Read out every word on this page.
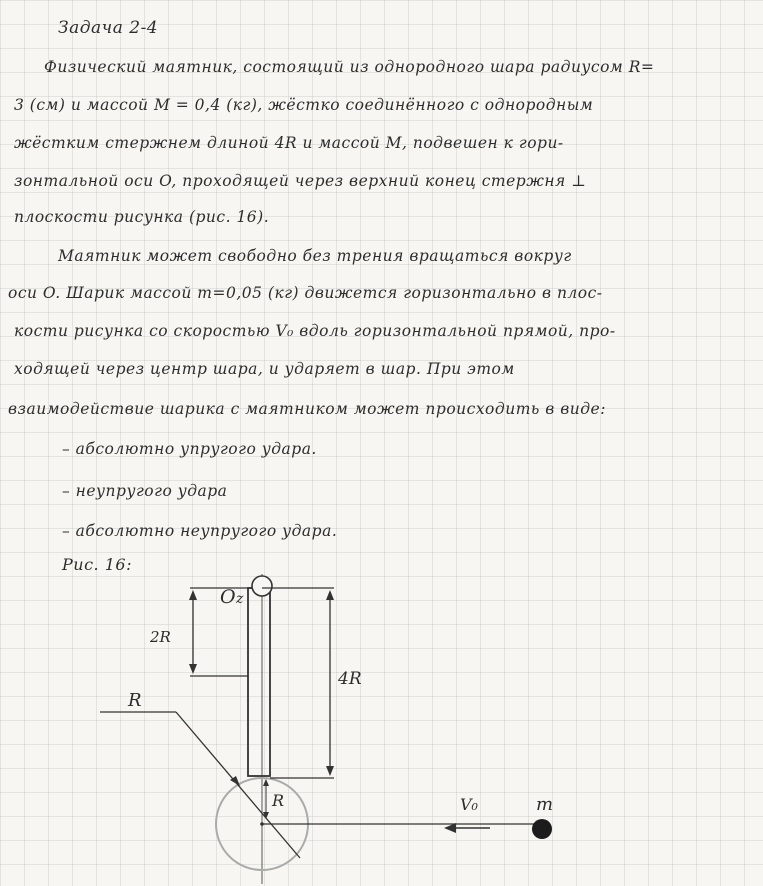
Задача 2-4
Физический маятник, состоящий из однородного шара радиусом R=
3 (см) и массой M = 0,4 (кг), жёстко соединённого с однородным
жёстким стержнем длиной 4R и массой M, подвешен к гори-
зонтальной оси O, проходящей через верхний конец стержня ⊥
плоскости рисунка (рис. 16).
Маятник может свободно без трения вращаться вокруг
оси O. Шарик массой m=0,05 (кг) движется горизонтально в плос-
кости рисунка со скоростью V₀ вдоль горизонтальной прямой, про-
ходящей через центр шара, и ударяет в шар. При этом
взаимодействие шарика с маятником может происходить в виде:
– абсолютно упругого удара.
– неупругого удара
– абсолютно неупругого удара.
Рис. 16:
O z
2R
4R
R
R	V₀	m
